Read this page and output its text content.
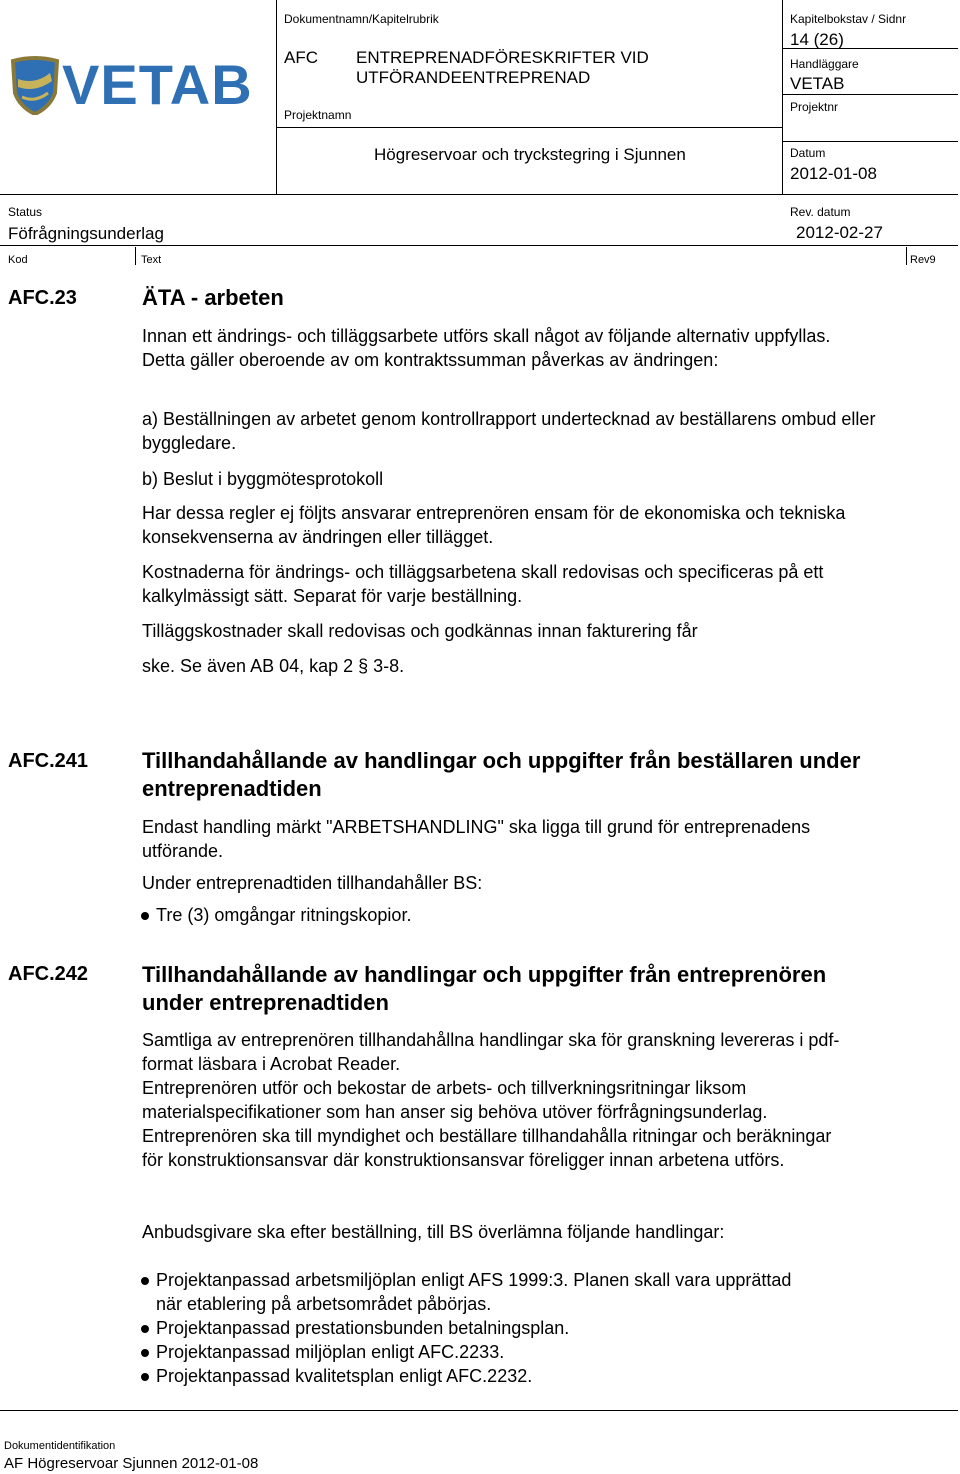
VETAB
Dokumentnamn/Kapitelrubrik
AFC ENTREPRENADFÖRESKRIFTER VID
UTFÖRANDEENTREPRENAD
Projektnamn
Högreservoar och tryckstegring i Sjunnen
Kapitelbokstav / Sidnr
14 (26)
Handläggare
VETAB
Projektnr
Datum
2012-01-08
Status
Föfrågningsunderlag
Rev. datum
2012-02-27
Kod	Text	Rev9
AFC.23	ÄTA - arbeten
Innan ett ändrings- och tilläggsarbete utförs skall något av följande alternativ uppfyllas. Detta gäller oberoende av om kontraktssumman påverkas av ändringen:
a) Beställningen av arbetet genom kontrollrapport undertecknad av beställarens ombud eller byggledare.
b) Beslut i byggmötesprotokoll
Har dessa regler ej följts ansvarar entreprenören ensam för de ekonomiska och tekniska konsekvenserna av ändringen eller tillägget.
Kostnaderna för ändrings- och tilläggsarbetena skall redovisas och specificeras på ett kalkylmässigt sätt. Separat för varje beställning.
Tilläggskostnader skall redovisas och godkännas innan fakturering får
ske. Se även AB 04, kap 2 § 3-8.
AFC.241 Tillhandahållande av handlingar och uppgifter från beställaren under entreprenadtiden
Endast handling märkt "ARBETSHANDLING" ska ligga till grund för entreprenadens utförande.
Under entreprenadtiden tillhandahåller BS:
Tre (3) omgångar ritningskopior.
AFC.242 Tillhandahållande av handlingar och uppgifter från entreprenören under entreprenadtiden
Samtliga av entreprenören tillhandahållna handlingar ska för granskning levereras i pdf-format läsbara i Acrobat Reader.
Entreprenören utför och bekostar de arbets- och tillverkningsritningar liksom materialspecifikationer som han anser sig behöva utöver förfrågningsunderlag.
Entreprenören ska till myndighet och beställare tillhandahålla ritningar och beräkningar för konstruktionsansvar där konstruktionsansvar föreligger innan arbetena utförs.
Anbudsgivare ska efter beställning, till BS överlämna följande handlingar:
Projektanpassad arbetsmiljöplan enligt AFS 1999:3. Planen skall vara upprättad när etablering på arbetsområdet påbörjas.
Projektanpassad prestationsbunden betalningsplan.
Projektanpassad miljöplan enligt AFC.2233.
Projektanpassad kvalitetsplan enligt AFC.2232.
Dokumentidentifikation
AF Högreservoar Sjunnen 2012-01-08
